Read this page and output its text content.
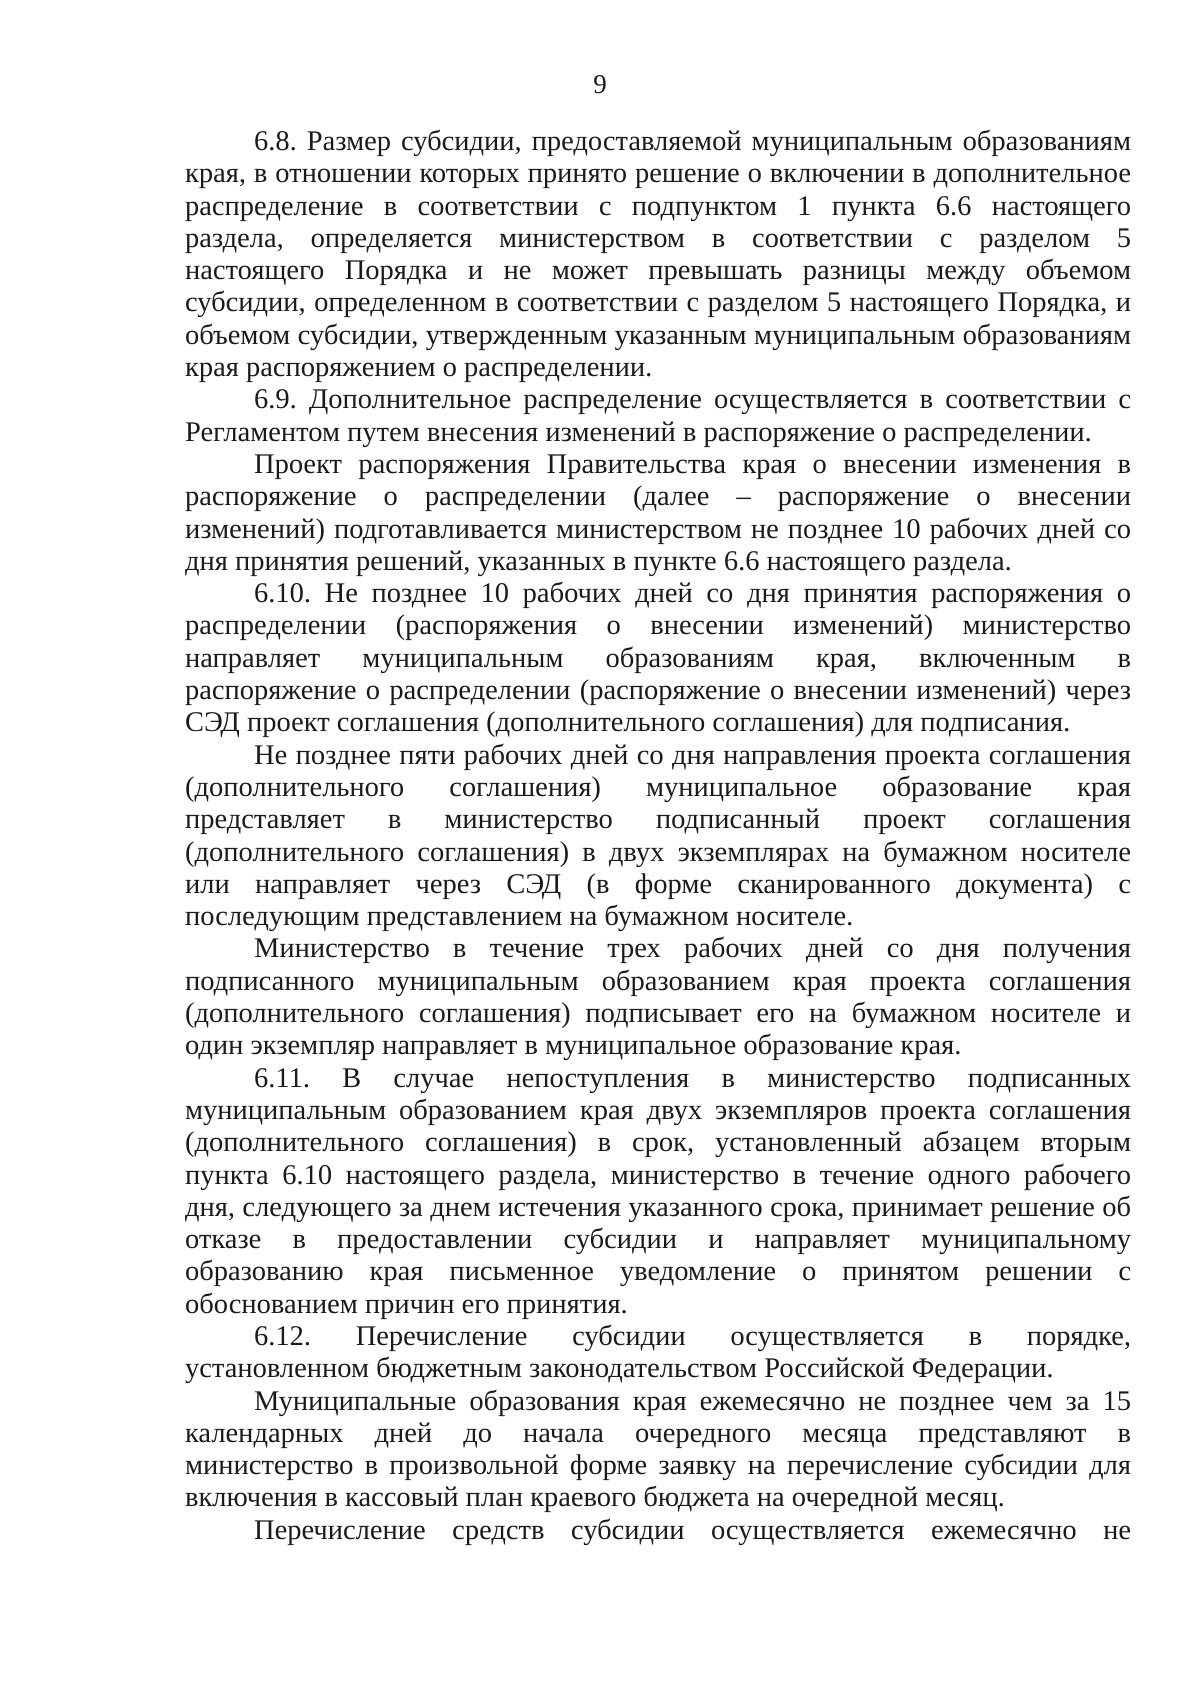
9

6.8. Размер субсидии, предоставляемой муниципальным образованиям края, в отношении которых принято решение о включении в дополнительное распределение в соответствии с подпунктом 1 пункта 6.6 настоящего раздела, определяется министерством в соответствии с разделом 5 настоящего Порядка и не может превышать разницы между объемом субсидии, определенном в соответствии с разделом 5 настоящего Порядка, и объемом субсидии, утвержденным указанным муниципальным образованиям края распоряжением о распределении.

6.9. Дополнительное распределение осуществляется в соответствии с Регламентом путем внесения изменений в распоряжение о распределении.

Проект распоряжения Правительства края о внесении изменения в распоряжение о распределении (далее – распоряжение о внесении изменений) подготавливается министерством не позднее 10 рабочих дней со дня принятия решений, указанных в пункте 6.6 настоящего раздела.

6.10. Не позднее 10 рабочих дней со дня принятия распоряжения о распределении (распоряжения о внесении изменений) министерство направляет муниципальным образованиям края, включенным в распоряжение о распределении (распоряжение о внесении изменений) через СЭД проект соглашения (дополнительного соглашения) для подписания.

Не позднее пяти рабочих дней со дня направления проекта соглашения (дополнительного соглашения) муниципальное образование края представляет в министерство подписанный проект соглашения (дополнительного соглашения) в двух экземплярах на бумажном носителе или направляет через СЭД (в форме сканированного документа) с последующим представлением на бумажном носителе.

Министерство в течение трех рабочих дней со дня получения подписанного муниципальным образованием края проекта соглашения (дополнительного соглашения) подписывает его на бумажном носителе и один экземпляр направляет в муниципальное образование края.

6.11. В случае непоступления в министерство подписанных муниципальным образованием края двух экземпляров проекта соглашения (дополнительного соглашения) в срок, установленный абзацем вторым пункта 6.10 настоящего раздела, министерство в течение одного рабочего дня, следующего за днем истечения указанного срока, принимает решение об отказе в предоставлении субсидии и направляет муниципальному образованию края письменное уведомление о принятом решении с обоснованием причин его принятия.

6.12. Перечисление субсидии осуществляется в порядке, установленном бюджетным законодательством Российской Федерации.

Муниципальные образования края ежемесячно не позднее чем за 15 календарных дней до начала очередного месяца представляют в министерство в произвольной форме заявку на перечисление субсидии для включения в кассовый план краевого бюджета на очередной месяц.

Перечисление средств субсидии осуществляется ежемесячно не
